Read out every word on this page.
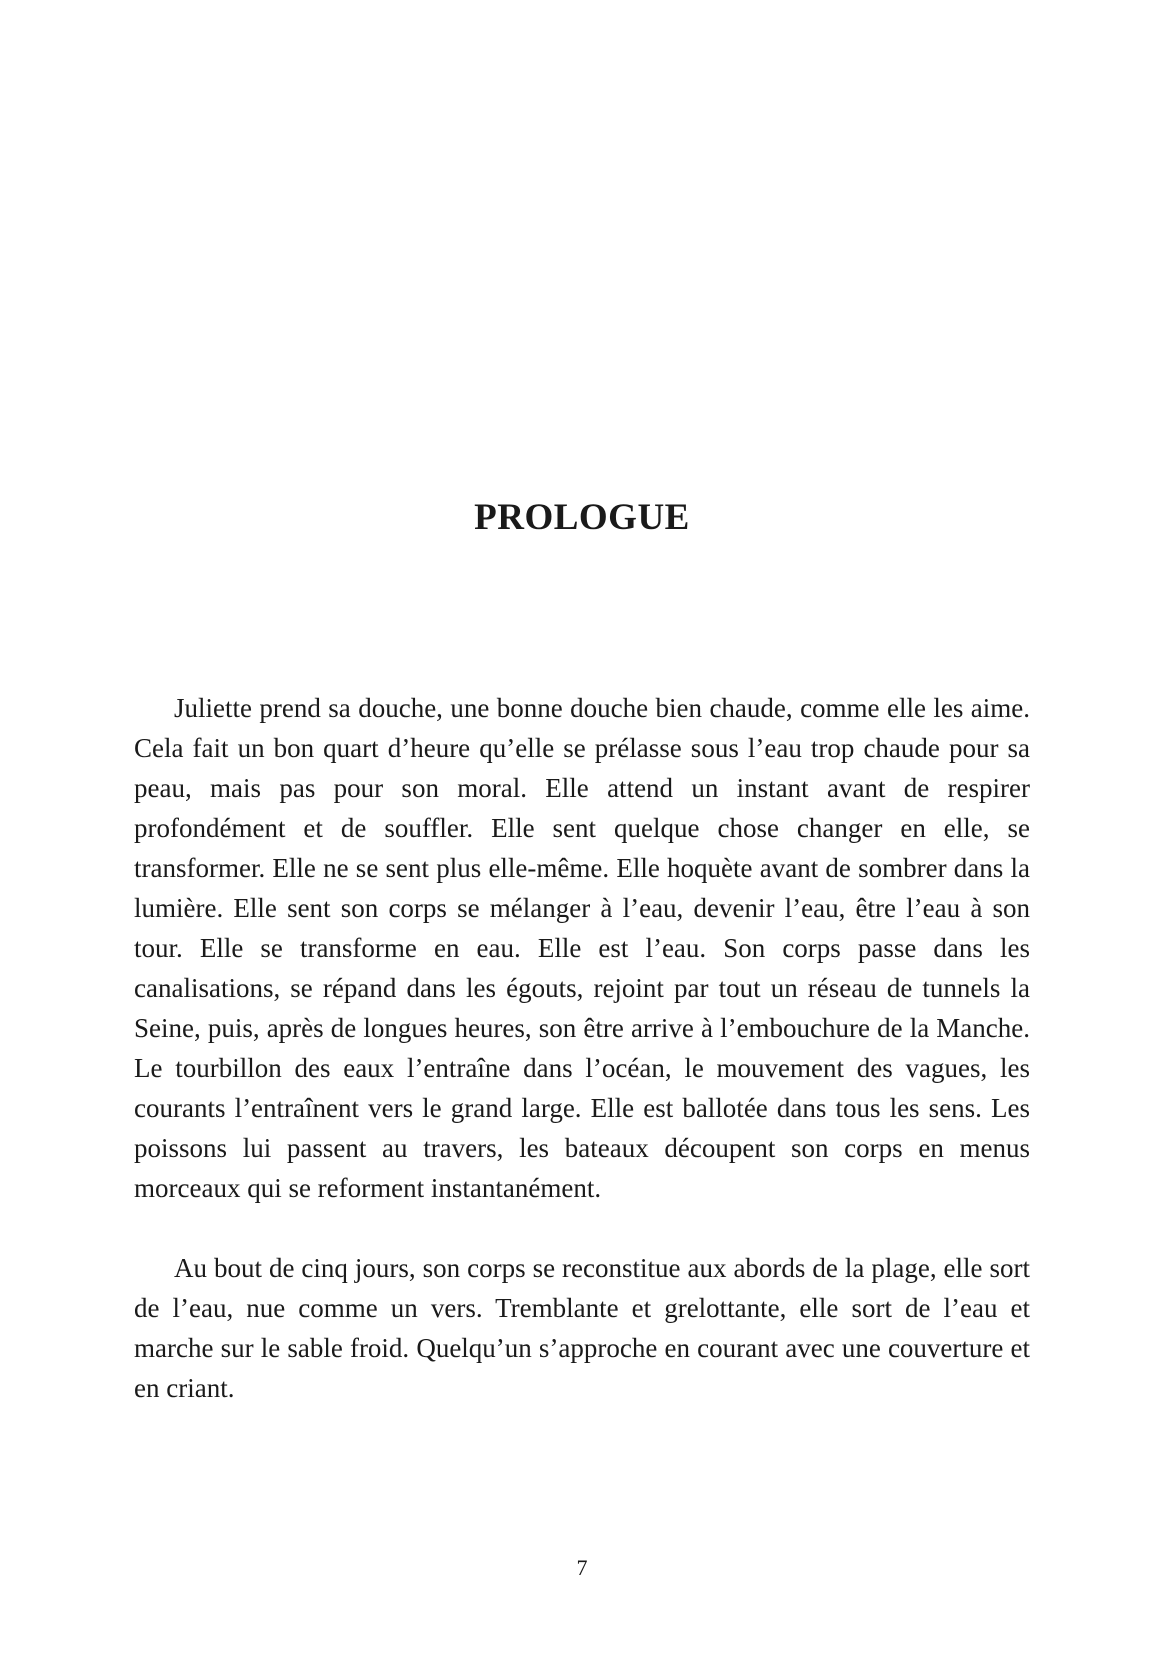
PROLOGUE

Juliette prend sa douche, une bonne douche bien chaude, comme elle les aime. Cela fait un bon quart d’heure qu’elle se prélasse sous l’eau trop chaude pour sa peau, mais pas pour son moral. Elle attend un instant avant de respirer profondément et de souffler. Elle sent quelque chose changer en elle, se transformer. Elle ne se sent plus elle-même. Elle hoquète avant de sombrer dans la lumière. Elle sent son corps se mélanger à l’eau, devenir l’eau, être l’eau à son tour. Elle se transforme en eau. Elle est l’eau. Son corps passe dans les canalisations, se répand dans les égouts, rejoint par tout un réseau de tunnels la Seine, puis, après de longues heures, son être arrive à l’embouchure de la Manche. Le tourbillon des eaux l’entraîne dans l’océan, le mouvement des vagues, les courants l’entraînent vers le grand large. Elle est ballotée dans tous les sens. Les poissons lui passent au travers, les bateaux découpent son corps en menus morceaux qui se reforment instantanément.

Au bout de cinq jours, son corps se reconstitue aux abords de la plage, elle sort de l’eau, nue comme un vers. Tremblante et grelottante, elle sort de l’eau et marche sur le sable froid. Quelqu’un s’approche en courant avec une couverture et en criant.

7
